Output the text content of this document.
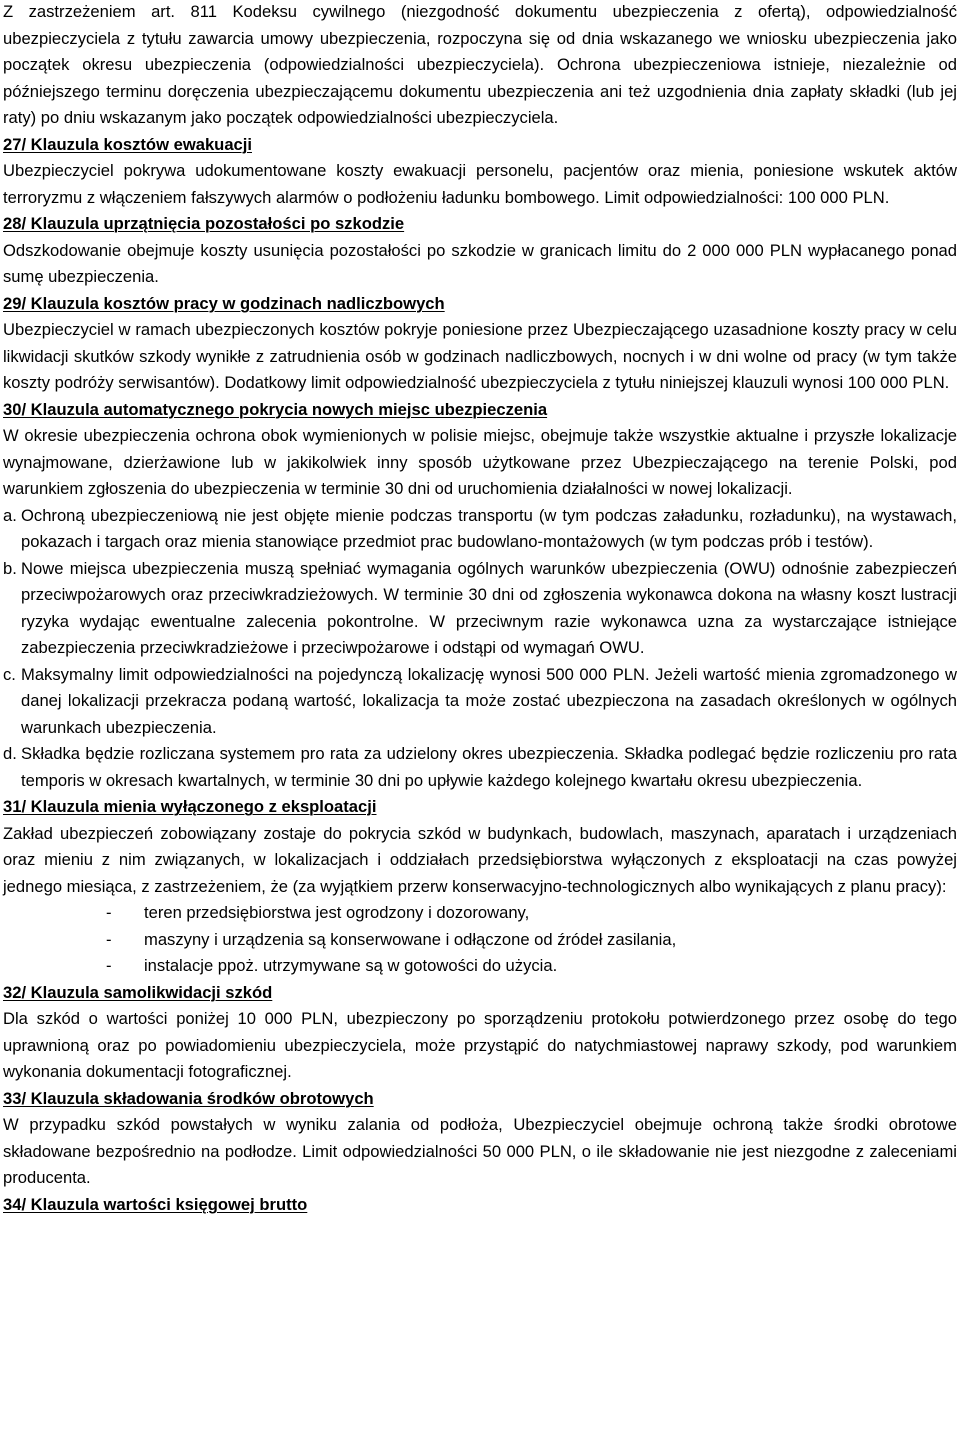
Z zastrzeżeniem art. 811 Kodeksu cywilnego (niezgodność dokumentu ubezpieczenia z ofertą), odpowiedzialność ubezpieczyciela z tytułu zawarcia umowy ubezpieczenia, rozpoczyna się od dnia wskazanego we wniosku ubezpieczenia jako początek okresu ubezpieczenia (odpowiedzialności ubezpieczyciela). Ochrona ubezpieczeniowa istnieje, niezależnie od późniejszego terminu doręczenia ubezpieczającemu dokumentu ubezpieczenia ani też uzgodnienia dnia zapłaty składki (lub jej raty) po dniu wskazanym jako początek odpowiedzialności ubezpieczyciela.

27/ Klauzula kosztów ewakuacji

Ubezpieczyciel pokrywa udokumentowane koszty ewakuacji personelu, pacjentów oraz mienia, poniesione wskutek aktów terroryzmu z włączeniem fałszywych alarmów o podłożeniu ładunku bombowego. Limit odpowiedzialności: 100 000 PLN.

28/ Klauzula uprzątnięcia pozostałości po szkodzie

Odszkodowanie obejmuje koszty usunięcia pozostałości po szkodzie w granicach limitu do 2 000 000 PLN wypłacanego ponad sumę ubezpieczenia.

29/ Klauzula kosztów pracy w godzinach nadliczbowych

Ubezpieczyciel w ramach ubezpieczonych kosztów pokryje poniesione przez Ubezpieczającego uzasadnione koszty pracy w celu likwidacji skutków szkody wynikłe z zatrudnienia osób w godzinach nadliczbowych, nocnych i w dni wolne od pracy (w tym także koszty podróży serwisantów). Dodatkowy limit odpowiedzialność ubezpieczyciela z tytułu niniejszej klauzuli wynosi 100 000 PLN.

30/ Klauzula automatycznego pokrycia nowych miejsc ubezpieczenia

W okresie ubezpieczenia ochrona obok wymienionych w polisie miejsc, obejmuje także wszystkie aktualne i przyszłe lokalizacje wynajmowane, dzierżawione lub w jakikolwiek inny sposób użytkowane przez Ubezpieczającego na terenie Polski, pod warunkiem zgłoszenia do ubezpieczenia w terminie 30 dni od uruchomienia działalności w nowej lokalizacji.

a. Ochroną ubezpieczeniową nie jest objęte mienie podczas transportu (w tym podczas załadunku, rozładunku), na wystawach, pokazach i targach oraz mienia stanowiące przedmiot prac budowlano-montażowych (w tym podczas prób i testów).

b. Nowe miejsca ubezpieczenia muszą spełniać wymagania ogólnych warunków ubezpieczenia (OWU) odnośnie zabezpieczeń przeciwpożarowych oraz przeciwkradzieżowych. W terminie 30 dni od zgłoszenia wykonawca dokona na własny koszt lustracji ryzyka wydając ewentualne zalecenia pokontrolne. W przeciwnym razie wykonawca uzna za wystarczające istniejące zabezpieczenia przeciwkradzieżowe i przeciwpożarowe i odstąpi od wymagań OWU.

c. Maksymalny limit odpowiedzialności na pojedynczą lokalizację wynosi 500 000 PLN. Jeżeli wartość mienia zgromadzonego w danej lokalizacji przekracza podaną wartość, lokalizacja ta może zostać ubezpieczona na zasadach określonych w ogólnych warunkach ubezpieczenia.

d. Składka będzie rozliczana systemem pro rata za udzielony okres ubezpieczenia. Składka podlegać będzie rozliczeniu pro rata temporis w okresach kwartalnych, w terminie 30 dni po upływie każdego kolejnego kwartału okresu ubezpieczenia.

31/ Klauzula mienia wyłączonego z eksploatacji

Zakład ubezpieczeń zobowiązany zostaje do pokrycia szkód w budynkach, budowlach, maszynach, aparatach i urządzeniach oraz mieniu z nim związanych, w lokalizacjach i oddziałach przedsiębiorstwa wyłączonych z eksploatacji na czas powyżej jednego miesiąca, z zastrzeżeniem, że (za wyjątkiem przerw konserwacyjno-technologicznych albo wynikających z planu pracy):

-	teren przedsiębiorstwa jest ogrodzony i dozorowany,

-	maszyny i urządzenia są konserwowane i odłączone od źródeł zasilania,

-	instalacje ppoż. utrzymywane są w gotowości do użycia.

32/ Klauzula samolikwidacji szkód

Dla szkód o wartości poniżej 10 000 PLN, ubezpieczony po sporządzeniu protokołu potwierdzonego przez osobę do tego uprawnioną oraz po powiadomieniu ubezpieczyciela, może przystąpić do natychmiastowej naprawy szkody, pod warunkiem wykonania dokumentacji fotograficznej.

33/ Klauzula składowania środków obrotowych

W przypadku szkód powstałych w wyniku zalania od podłoża, Ubezpieczyciel obejmuje ochroną także środki obrotowe składowane bezpośrednio na podłodze. Limit odpowiedzialności 50 000 PLN, o ile składowanie nie jest niezgodne z zaleceniami producenta.

34/ Klauzula wartości księgowej brutto
